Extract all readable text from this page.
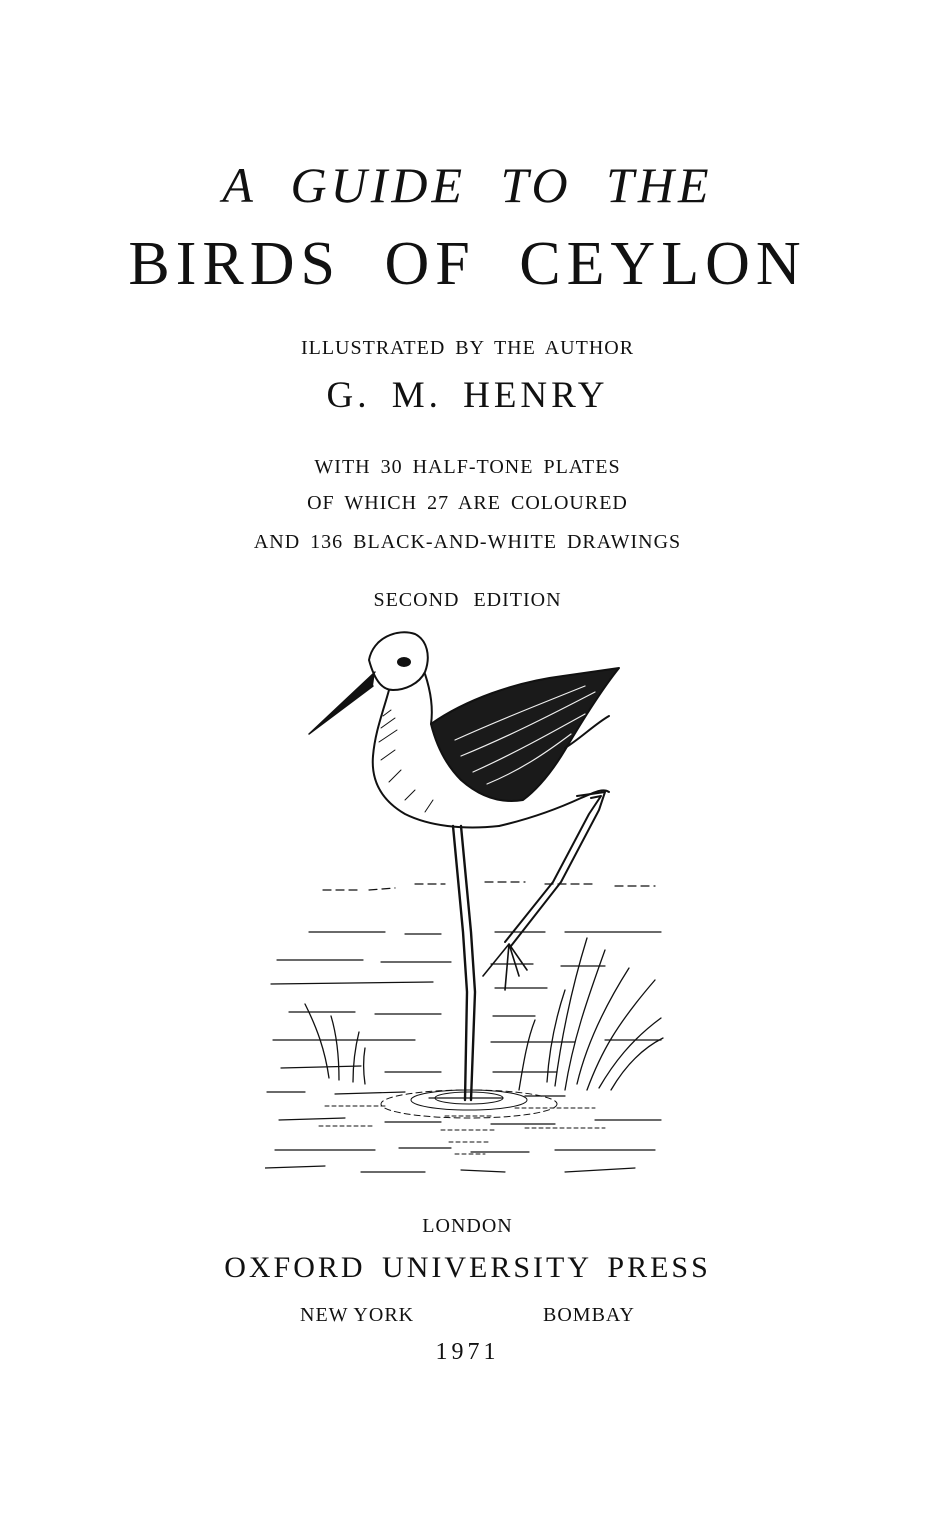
A GUIDE TO THE
BIRDS OF CEYLON
ILLUSTRATED BY THE AUTHOR
G. M. HENRY
WITH 30 HALF-TONE PLATES
OF WHICH 27 ARE COLOURED
AND 136 BLACK-AND-WHITE DRAWINGS
SECOND EDITION
LONDON
OXFORD UNIVERSITY PRESS
NEW YORK	BOMBAY
1971
